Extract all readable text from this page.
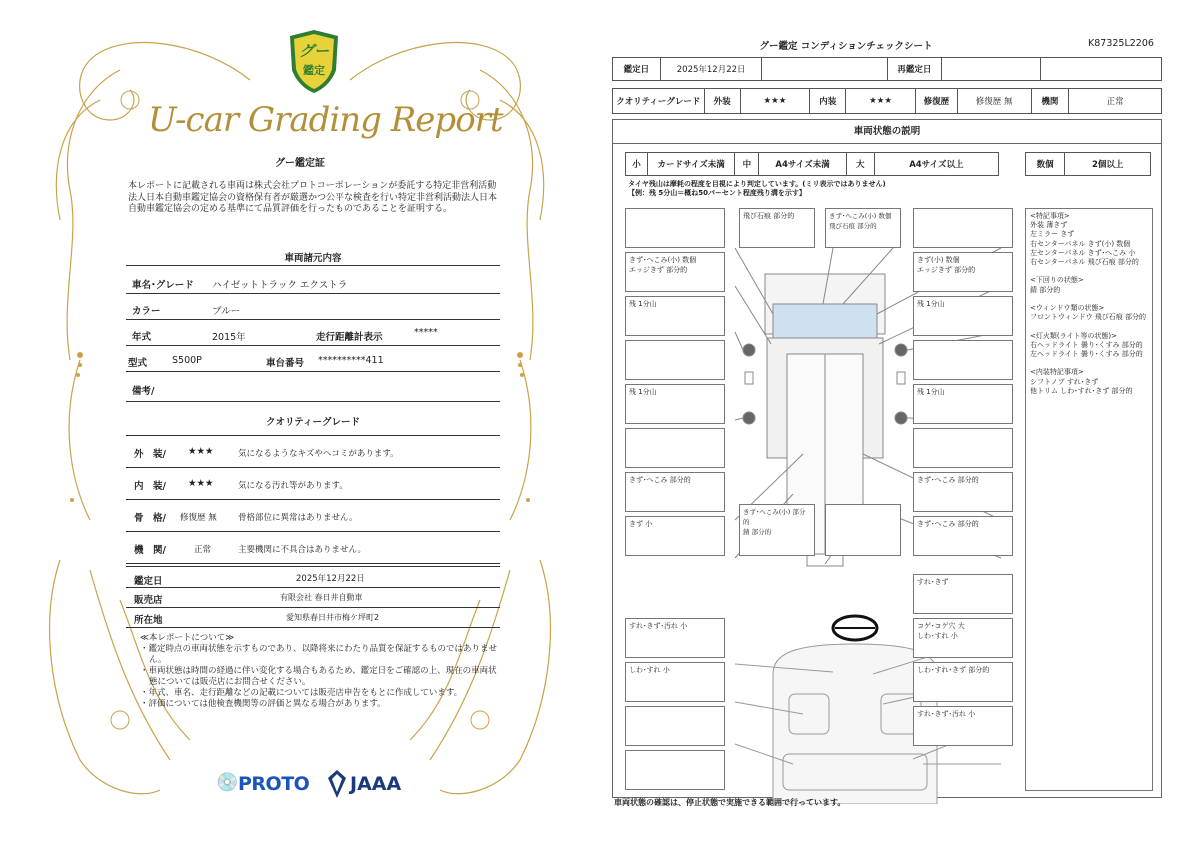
グー
鑑定
U-car Grading Report
グー鑑定証
本レポートに記載される車両は株式会社プロトコーポレーションが委託する特定非営利活動法人日本自動車鑑定協会の資格保有者が厳選かつ公平な検査を行い特定非営利活動法人日本自動車鑑定協会の定める基準にて品質評価を行ったものであることを証明する。
車両諸元内容
車名･グレード ハイゼットトラック エクストラ
カラー	ブルー
年式	2015年	走行距離計表示	*****
型式	S500P	車台番号 **********411
備考/
クオリティーグレード
外　装/ ★★★	気になるようなキズやヘコミがあります。
内　装/ ★★★	気になる汚れ等があります。
骨　格/ 修復歴 無	骨格部位に異常はありません。
機　関/	正常	主要機関に不具合はありません。
鑑定日	2025年12月22日
販売店	有限会社 春日井自動車
所在地	愛知県春日井市梅ケ坪町2
≪本レポートについて≫
・鑑定時点の車両状態を示すものであり、以降将来にわたり品質を保証するものではありません。
・車両状態は時間の経過に伴い変化する場合もあるため、鑑定日をご確認の上、現在の車両状態については販売店にお問合せください。
・年式、車名、走行距離などの記載については販売店申告をもとに作成しています。
・評価については他検査機関等の評価と異なる場合があります。
💿 PROTO JAAA
グー鑑定 コンディションチェックシート	K87325L2206
鑑定日	2025年12月22日	再鑑定日
クオリティーグレード	外装	★★★	内装	★★★	修復歴	修復歴 無	機関	正常
車両状態の説明
小	カードサイズ未満	中	A4サイズ未満	大	A4サイズ以上	数個	2個以上
タイヤ残山は摩耗の程度を目視により判定しています。(ミリ表示ではありません)
【例：残 5分山＝概ね50パーセント程度残り溝を示す】
きず･へこみ(小) 数個
エッジきず 部分的
残 1分山
残 1分山
きず･へこみ 部分的
きず 小
すれ･きず･汚れ 小
しわ･すれ 小
飛び石痕 部分的	きず･へこみ(小) 数個
飛び石痕 部分的
きず･へこみ(小) 部分的
錆 部分的
きず(小) 数個
エッジきず 部分的
残 1分山
残 1分山
きず･へこみ 部分的
きず･へこみ 部分的
すれ･きず
コゲ･コゲ穴 大
しわ･すれ 小
しわ･すれ･きず 部分的
すれ･きず･汚れ 小
<特記事項>
外装 薄きず
左ミラー きず
右センターパネル きず(小) 数個
左センターパネル きず･へこみ 小
右センターパネル 飛び石痕 部分的

<下回りの状態>
錆 部分的

<ウィンドウ類の状態>
フロントウィンドウ 飛び石痕 部分的

<灯火類(ライト等の状態)>
右ヘッドライト 曇り･くすみ 部分的
左ヘッドライト 曇り･くすみ 部分的

<内装特記事項>
シフトノブ すれ･きず
他トリム しわ･すれ･きず 部分的
車両状態の確認は、停止状態で実施できる範囲で行っています。
